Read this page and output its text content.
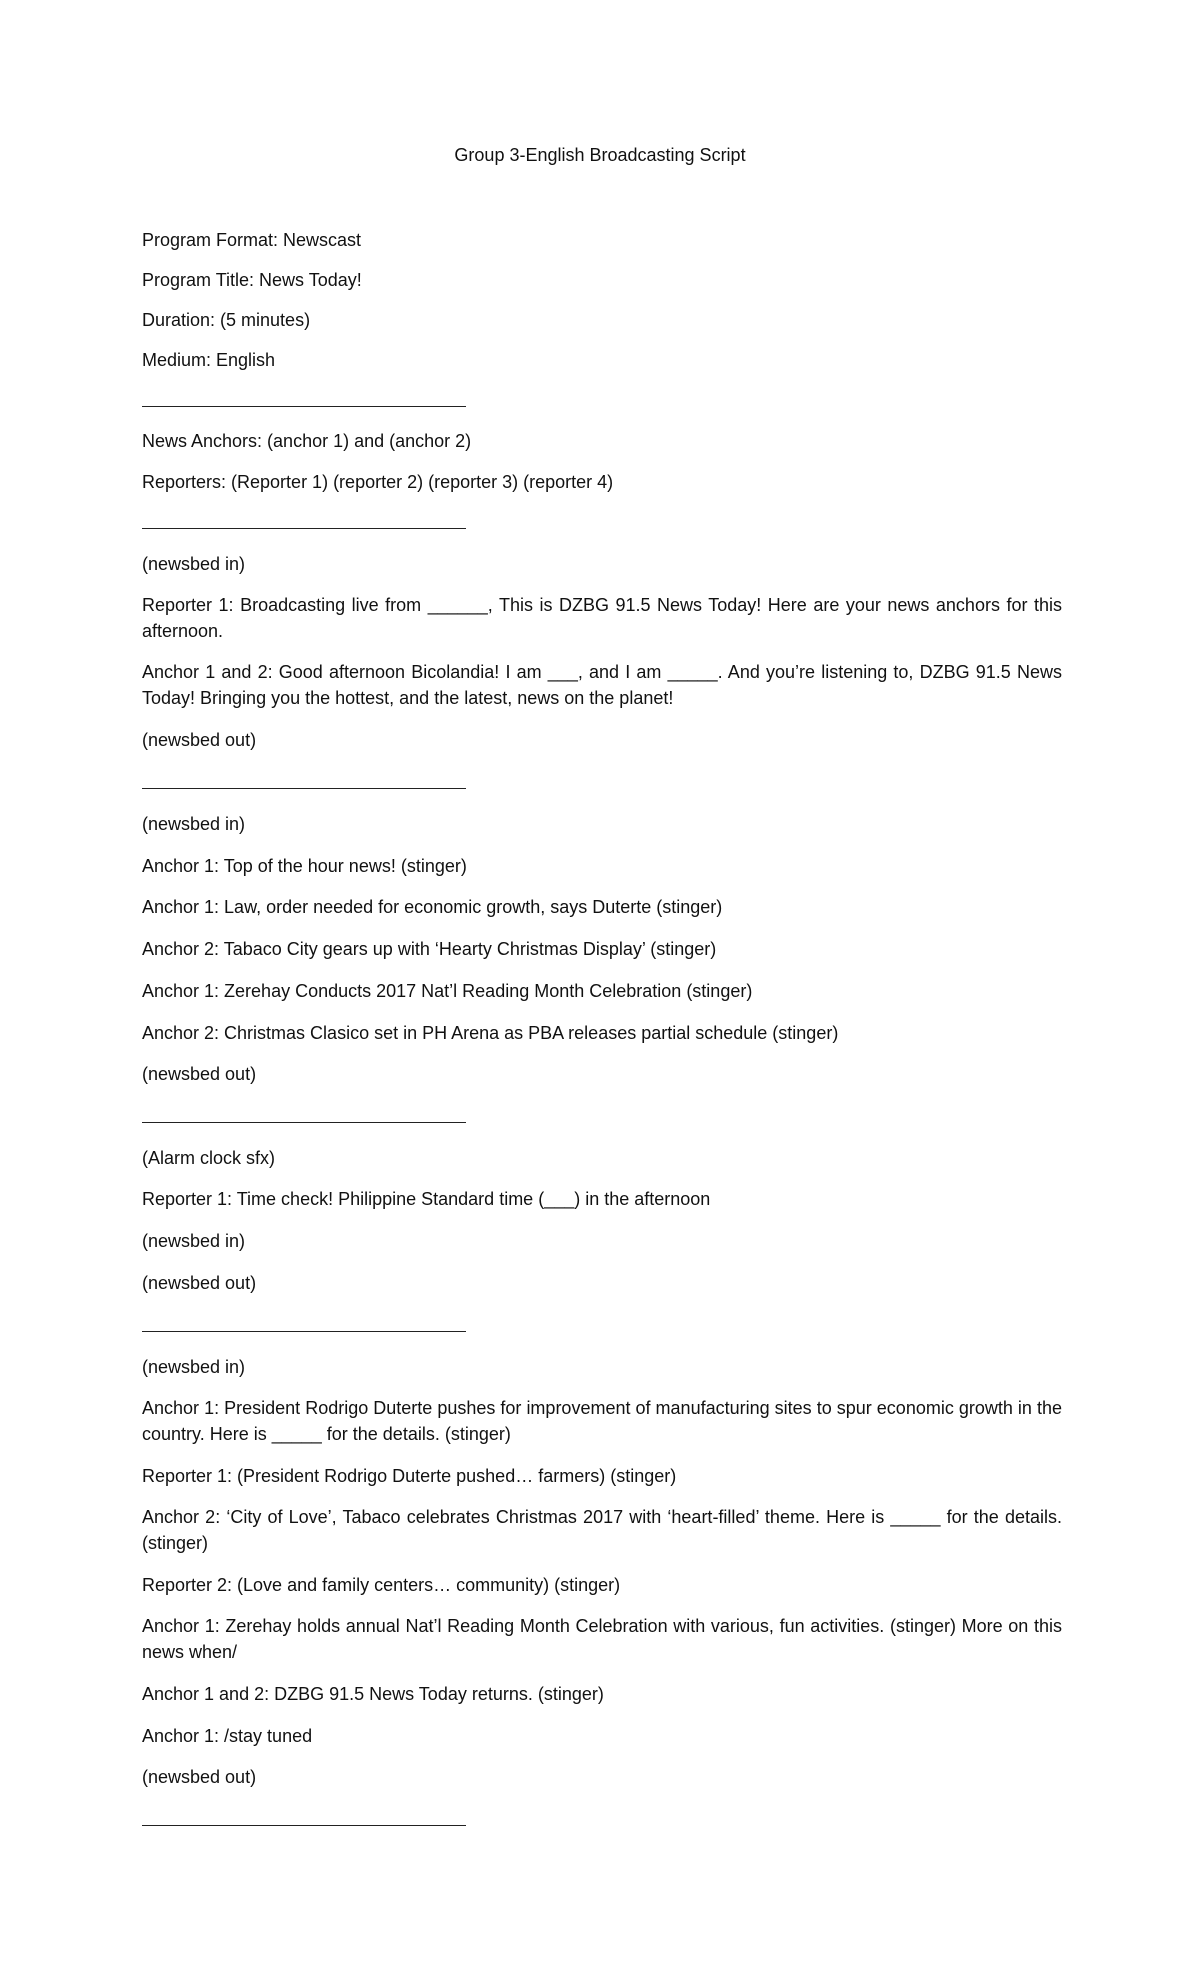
Group 3-English Broadcasting Script

Program Format: Newscast

Program Title: News Today!

Duration: (5 minutes)

Medium: English

News Anchors: (anchor 1) and (anchor 2)

Reporters: (Reporter 1) (reporter 2) (reporter 3) (reporter 4)

(newsbed in)

Reporter 1: Broadcasting live from ______, This is DZBG 91.5 News Today! Here are your news anchors for this afternoon.

Anchor 1 and 2: Good afternoon Bicolandia! I am ___, and I am _____. And you’re listening to, DZBG 91.5 News Today! Bringing you the hottest, and the latest, news on the planet!

(newsbed out)

(newsbed in)

Anchor 1: Top of the hour news! (stinger)

Anchor 1: Law, order needed for economic growth, says Duterte (stinger)

Anchor 2: Tabaco City gears up with ‘Hearty Christmas Display’ (stinger)

Anchor 1: Zerehay Conducts 2017 Nat’l Reading Month Celebration (stinger)

Anchor 2: Christmas Clasico set in PH Arena as PBA releases partial schedule (stinger)

(newsbed out)

(Alarm clock sfx)

Reporter 1: Time check! Philippine Standard time (___) in the afternoon

(newsbed in)

(newsbed out)

(newsbed in)

Anchor 1: President Rodrigo Duterte pushes for improvement of manufacturing sites to spur economic growth in the country. Here is _____ for the details. (stinger)

Reporter 1: (President Rodrigo Duterte pushed… farmers) (stinger)

Anchor 2: ‘City of Love’, Tabaco celebrates Christmas 2017 with ‘heart-filled’ theme. Here is _____ for the details. (stinger)

Reporter 2: (Love and family centers… community) (stinger)

Anchor 1: Zerehay holds annual Nat’l Reading Month Celebration with various, fun activities. (stinger) More on this news when/

Anchor 1 and 2: DZBG 91.5 News Today returns. (stinger)

Anchor 1: /stay tuned

(newsbed out)
